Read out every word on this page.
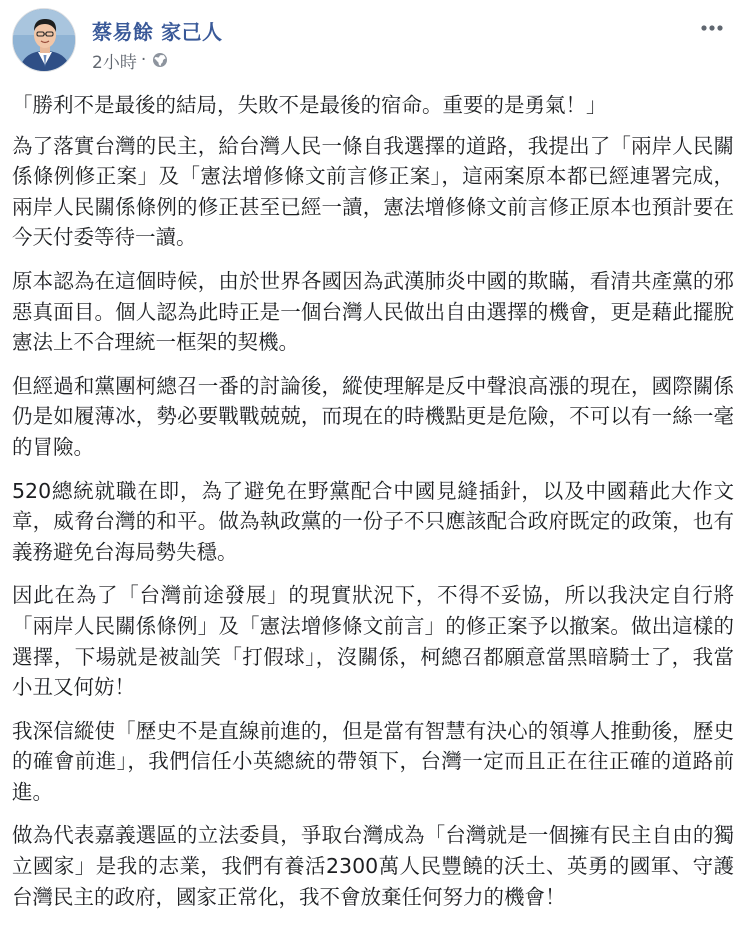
蔡易餘 家己人
2小時 ·

「勝利不是最後的結局，失敗不是最後的宿命。重要的是勇氣！」

為了落實台灣的民主，給台灣人民一條自我選擇的道路，我提出了「兩岸人民關係條例修正案」及「憲法增修條文前言修正案」，這兩案原本都已經連署完成，兩岸人民關係條例的修正甚至已經一讀，憲法增修條文前言修正原本也預計要在今天付委等待一讀。

原本認為在這個時候，由於世界各國因為武漢肺炎中國的欺瞞，看清共產黨的邪惡真面目。個人認為此時正是一個台灣人民做出自由選擇的機會，更是藉此擺脫憲法上不合理統一框架的契機。

但經過和黨團柯總召一番的討論後，縱使理解是反中聲浪高漲的現在，國際關係仍是如履薄冰，勢必要戰戰兢兢，而現在的時機點更是危險，不可以有一絲一毫的冒險。

520總統就職在即，為了避免在野黨配合中國見縫插針，以及中國藉此大作文章，威脅台灣的和平。做為執政黨的一份子不只應該配合政府既定的政策，也有義務避免台海局勢失穩。

因此在為了「台灣前途發展」的現實狀況下，不得不妥協，所以我決定自行將「兩岸人民關係條例」及「憲法增修條文前言」的修正案予以撤案。做出這樣的選擇，下場就是被訕笑「打假球」，沒關係，柯總召都願意當黑暗騎士了，我當小丑又何妨！

我深信縱使「歷史不是直線前進的，但是當有智慧有決心的領導人推動後，歷史的確會前進」，我們信任小英總統的帶領下，台灣一定而且正在往正確的道路前進。

做為代表嘉義選區的立法委員，爭取台灣成為「台灣就是一個擁有民主自由的獨立國家」是我的志業，我們有養活2300萬人民豐饒的沃土、英勇的國軍、守護台灣民主的政府，國家正常化，我不會放棄任何努力的機會！
